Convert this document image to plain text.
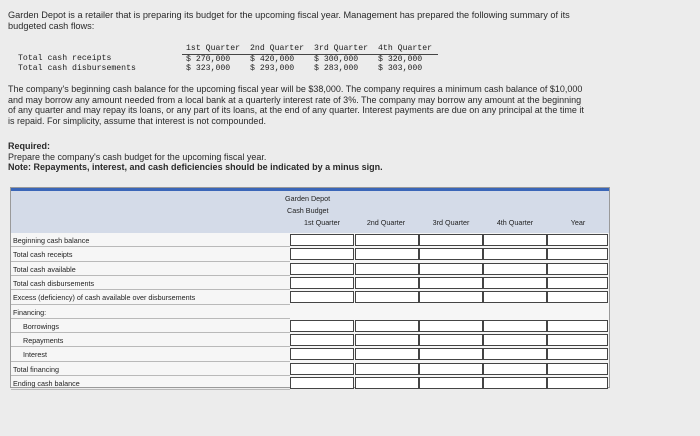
Garden Depot is a retailer that is preparing its budget for the upcoming fiscal year. Management has prepared the following summary of its budgeted cash flows:
	1st Quarter	2nd Quarter	3rd Quarter	4th Quarter
Total cash receipts	$ 270,000	$ 420,000	$ 300,000	$ 320,000
Total cash disbursements	$ 323,000	$ 293,000	$ 283,000	$ 303,000
The company's beginning cash balance for the upcoming fiscal year will be $38,000. The company requires a minimum cash balance of $10,000 and may borrow any amount needed from a local bank at a quarterly interest rate of 3%. The company may borrow any amount at the beginning of any quarter and may repay its loans, or any part of its loans, at the end of any quarter. Interest payments are due on any principal at the time it is repaid. For simplicity, assume that interest is not compounded.
Required:
Prepare the company's cash budget for the upcoming fiscal year.
Note: Repayments, interest, and cash deficiencies should be indicated by a minus sign.
Garden Depot
Cash Budget
1st Quarter	2nd Quarter	3rd Quarter	4th Quarter	Year
Beginning cash balance
Total cash receipts
Total cash available
Total cash disbursements
Excess (deficiency) of cash available over disbursements
Financing:
Borrowings
Repayments
Interest
Total financing
Ending cash balance
